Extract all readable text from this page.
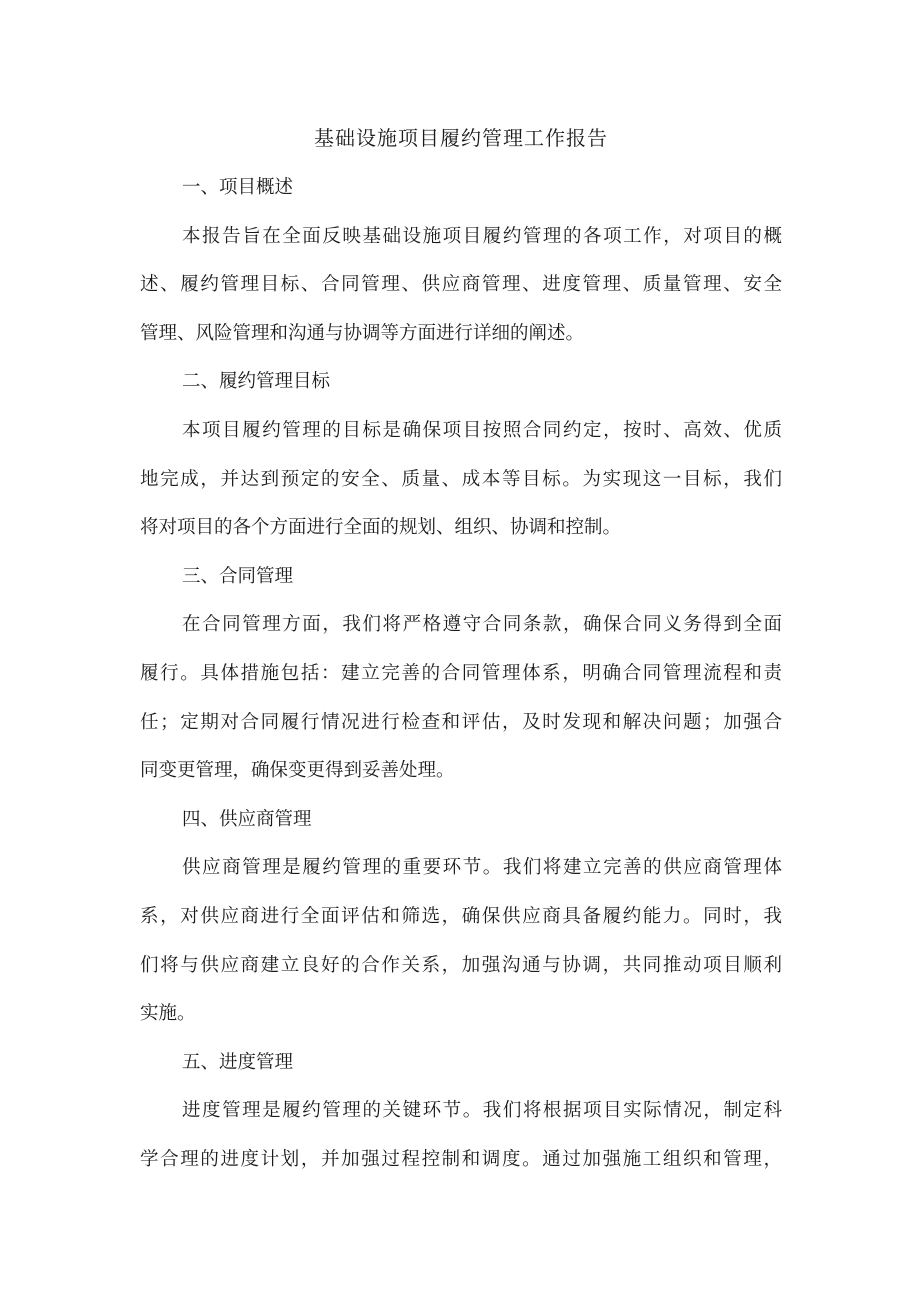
基础设施项目履约管理工作报告

一、项目概述

本报告旨在全面反映基础设施项目履约管理的各项工作，对项目的概

述、履约管理目标、合同管理、供应商管理、进度管理、质量管理、安全

管理、风险管理和沟通与协调等方面进行详细的阐述。

二、履约管理目标

本项目履约管理的目标是确保项目按照合同约定，按时、高效、优质

地完成，并达到预定的安全、质量、成本等目标。为实现这一目标，我们

将对项目的各个方面进行全面的规划、组织、协调和控制。

三、合同管理

在合同管理方面，我们将严格遵守合同条款，确保合同义务得到全面

履行。具体措施包括：建立完善的合同管理体系，明确合同管理流程和责

任；定期对合同履行情况进行检查和评估，及时发现和解决问题；加强合

同变更管理，确保变更得到妥善处理。

四、供应商管理

供应商管理是履约管理的重要环节。我们将建立完善的供应商管理体

系，对供应商进行全面评估和筛选，确保供应商具备履约能力。同时，我

们将与供应商建立良好的合作关系，加强沟通与协调，共同推动项目顺利

实施。

五、进度管理

进度管理是履约管理的关键环节。我们将根据项目实际情况，制定科

学合理的进度计划，并加强过程控制和调度。通过加强施工组织和管理，
